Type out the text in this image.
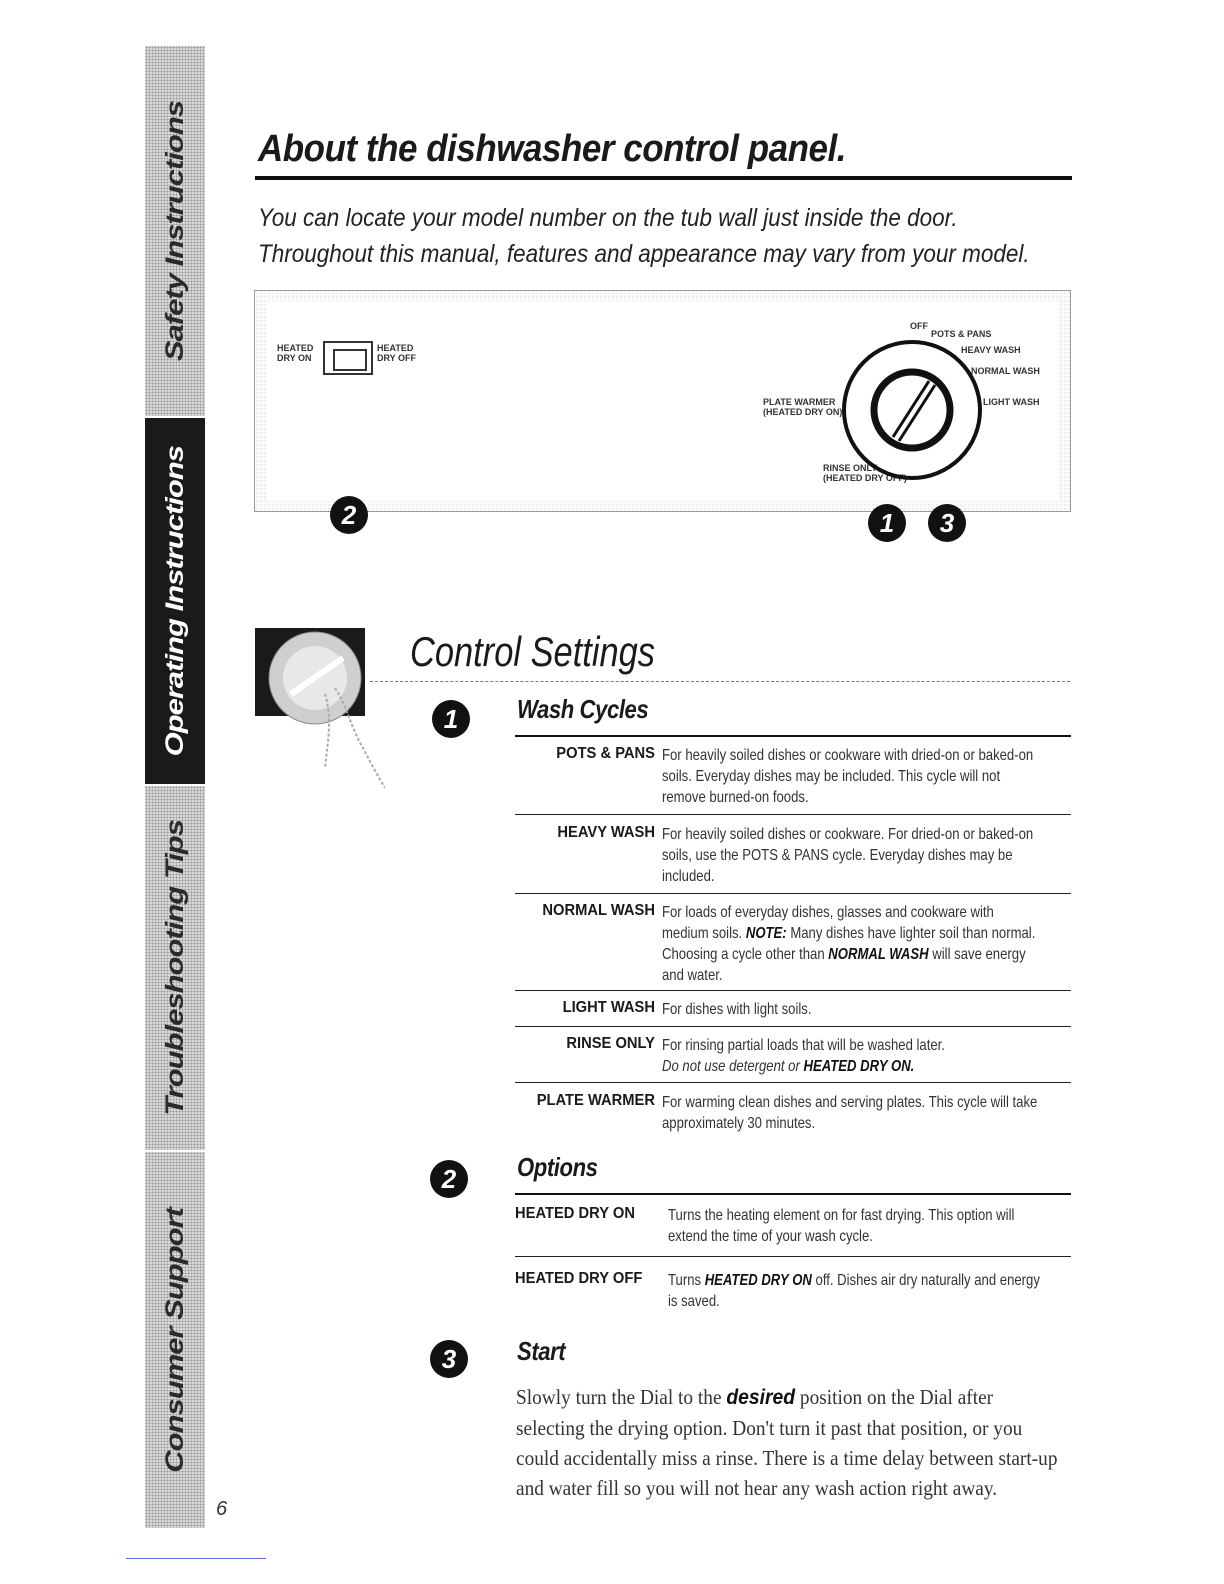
Safety Instructions
Operating Instructions
Troubleshooting Tips
Consumer Support
6
About the dishwasher control panel.
You can locate your model number on the tub wall just inside the door.
Throughout this manual, features and appearance may vary from your model.
HEATED
DRY ON
HEATED
DRY OFF
OFF
POTS & PANS
HEAVY WASH
NORMAL WASH
LIGHT WASH
PLATE WARMER
(HEATED DRY ON)
RINSE ONLY
(HEATED DRY OFF)
2	1	3
Control Settings
1	Wash Cycles
POTS & PANS For heavily soiled dishes or cookware with dried-on or baked-on soils. Everyday dishes may be included. This cycle will not remove burned-on foods.
HEAVY WASH For heavily soiled dishes or cookware. For dried-on or baked-on soils, use the POTS & PANS cycle. Everyday dishes may be included.
NORMAL WASH For loads of everyday dishes, glasses and cookware with medium soils. NOTE: Many dishes have lighter soil than normal. Choosing a cycle other than NORMAL WASH will save energy and water.
LIGHT WASH For dishes with light soils.
RINSE ONLY For rinsing partial loads that will be washed later.
Do not use detergent or HEATED DRY ON.
PLATE WARMER For warming clean dishes and serving plates. This cycle will take approximately 30 minutes.
2	Options
HEATED DRY ON	Turns the heating element on for fast drying. This option will extend the time of your wash cycle.
HEATED DRY OFF	Turns HEATED DRY ON off. Dishes air dry naturally and energy is saved.
3	Start
Slowly turn the Dial to the desired position on the Dial after selecting the drying option. Don't turn it past that position, or you could accidentally miss a rinse. There is a time delay between start-up and water fill so you will not hear any wash action right away.
